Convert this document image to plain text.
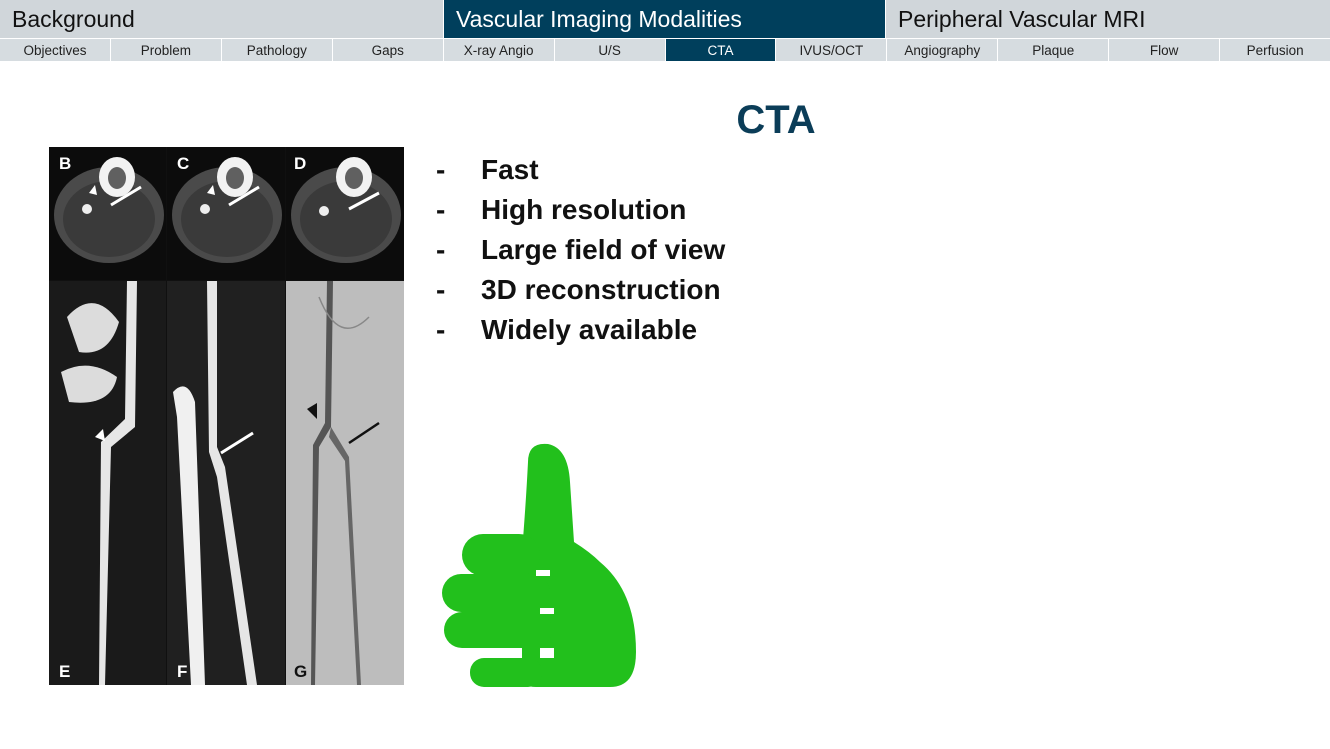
Background	Vascular Imaging Modalities	Peripheral Vascular MRI
Objectives	Problem	Pathology	Gaps	X-ray Angio	U/S	CTA	IVUS/OCT	Angiography	Plaque	Flow	Perfusion
CTA
-	Fast
-	High resolution
-	Large field of view
-	3D reconstruction
-	Widely available
B	C	D
E	F	G
